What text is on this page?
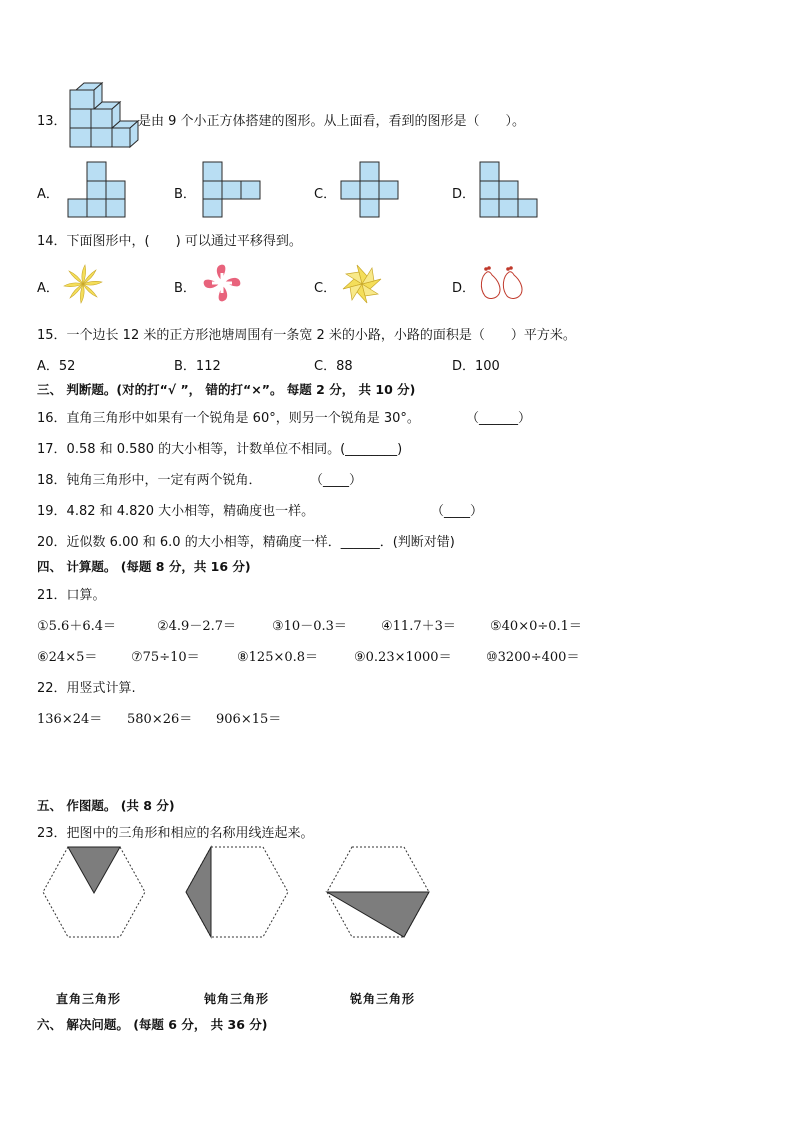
13．	是由 9 个小正方体搭建的图形。从上面看，看到的图形是（　　）。
A．	B．	C．	D．
14．下面图形中，(　　) 可以通过平移得到。
A．	B．	C．	D．
15．一个边长 12 米的正方形池塘周围有一条宽 2 米的小路，小路的面积是（　　）平方米。
A．52	B．112	C．88	D．100
三、 判断题。(对的打“√ ”， 错的打“×”。 每题 2 分， 共 10 分)
16．直角三角形中如果有一个锐角是 60°，则另一个锐角是 30°。	（______）
17．0.58 和 0.580 的大小相等，计数单位不相同。(________)
18．钝角三角形中，一定有两个锐角．	（____）
19．4.82 和 4.820 大小相等，精确度也一样。	（____）
20．近似数 6.00 和 6.0 的大小相等，精确度一样．______．(判断对错)
四、 计算题。 (每题 8 分，共 16 分)
21．口算。
①5.6＋6.4＝	②4.9－2.7＝	③10－0.3＝	④11.7＋3＝	⑤40×0÷0.1＝
⑥24×5＝	⑦75÷10＝	⑧125×0.8＝	⑨0.23×1000＝	⑩3200÷400＝
22．用竖式计算.
136×24＝ 580×26＝ 906×15＝
五、 作图题。 (共 8 分)
23．把图中的三角形和相应的名称用线连起来。
直角三角形	钝角三角形	锐角三角形
六、 解决问题。 (每题 6 分， 共 36 分)
